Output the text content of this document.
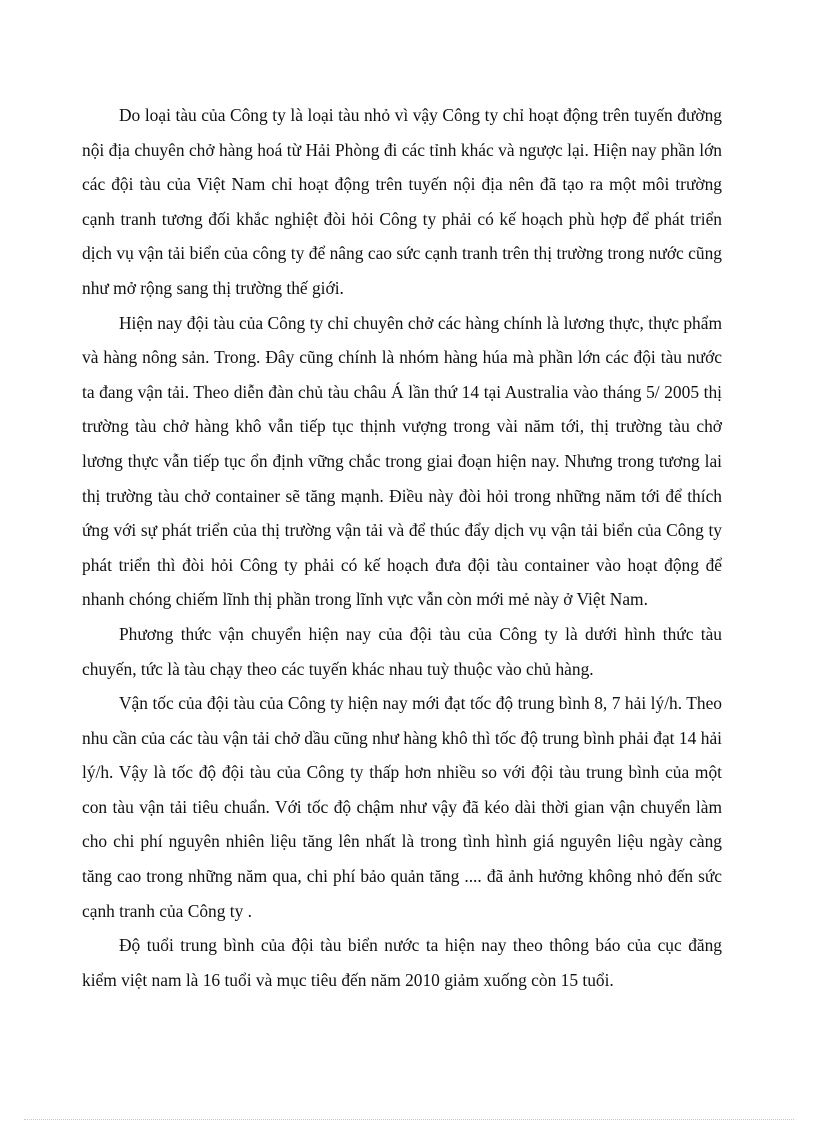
Do loại tàu của Công ty là loại tàu nhỏ vì vậy Công ty chỉ hoạt động trên tuyến đường nội địa chuyên chở hàng hoá từ Hải Phòng đi các tỉnh khác và ngược lại. Hiện nay phần lớn các đội tàu của Việt Nam chỉ hoạt động trên tuyến nội địa nên đã tạo ra một môi trường cạnh tranh tương đối khắc nghiệt đòi hỏi Công ty phải có kế hoạch phù hợp để phát triển dịch vụ vận tải biển của công ty để nâng cao sức cạnh tranh trên thị trường trong nước cũng như mở rộng sang thị trường thế giới.

Hiện nay đội tàu của Công ty chỉ chuyên chở các hàng chính là lương thực, thực phẩm và hàng nông sản. Trong. Đây cũng chính là nhóm hàng húa mà phần lớn các đội tàu nước ta đang vận tải. Theo diễn đàn chủ tàu châu Á lần thứ 14 tại Australia vào tháng 5/ 2005 thị trường tàu chở hàng khô vẫn tiếp tục thịnh vượng trong vài năm tới, thị trường tàu chở lương thực vẫn tiếp tục ổn định vững chắc trong giai đoạn hiện nay. Nhưng trong tương lai thị trường tàu chở container sẽ tăng mạnh. Điều này đòi hỏi trong những năm tới để thích ứng với sự phát triển của thị trường vận tải và để thúc đẩy dịch vụ vận tải biển của Công ty phát triển thì đòi hỏi Công ty phải có kế hoạch đưa đội tàu container vào hoạt động để nhanh chóng chiếm lĩnh thị phần trong lĩnh vực vẫn còn mới mẻ này ở Việt Nam.

Phương thức vận chuyển hiện nay của đội tàu của Công ty là dưới hình thức tàu chuyến, tức là tàu chạy theo các tuyến khác nhau tuỳ thuộc vào chủ hàng.

Vận tốc của đội tàu của Công ty hiện nay mới đạt tốc độ trung bình 8, 7 hải lý/h. Theo nhu cần của các tàu vận tải chở dầu cũng như hàng khô thì tốc độ trung bình phải đạt 14 hải lý/h. Vậy là tốc độ đội tàu của Công ty thấp hơn nhiều so với đội tàu trung bình của một con tàu vận tải tiêu chuẩn. Với tốc độ chậm như vậy đã kéo dài thời gian vận chuyển làm cho chi phí nguyên nhiên liệu tăng lên nhất là trong tình hình giá nguyên liệu ngày càng tăng cao trong những năm qua, chi phí bảo quản tăng .... đã ảnh hưởng không nhỏ đến sức cạnh tranh của Công ty .

Độ tuổi trung bình của đội tàu biển nước ta hiện nay theo thông báo của cục đăng kiểm việt nam là 16 tuổi và mục tiêu đến năm 2010 giảm xuống còn 15 tuổi.
